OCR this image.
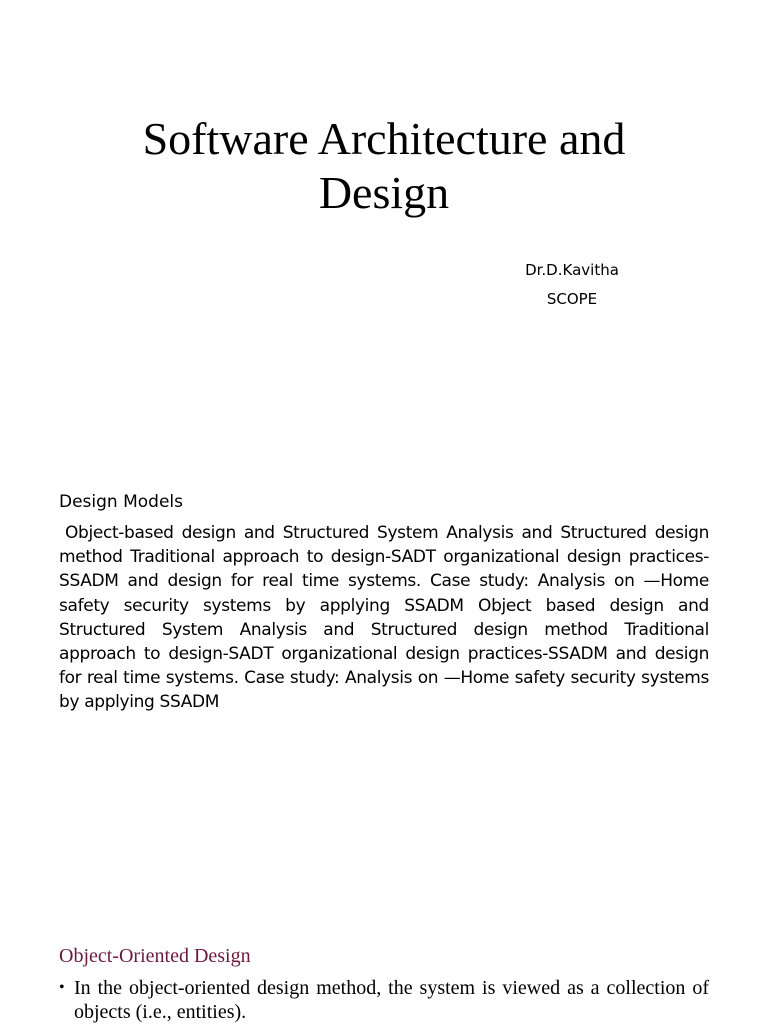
Software Architecture and Design
Dr.D.Kavitha
SCOPE
Design Models

Object-based design and Structured System Analysis and Structured design method Traditional approach to design-SADT organizational design practices-SSADM and design for real time systems. Case study: Analysis on —Home safety security systems by applying SSADM Object based design and Structured System Analysis and Structured design method Traditional approach to design-SADT organizational design practices-SSADM and design for real time systems. Case study: Analysis on —Home safety security systems by applying SSADM

Object-Oriented Design
• In the object-oriented design method, the system is viewed as a collection of objects (i.e., entities).
